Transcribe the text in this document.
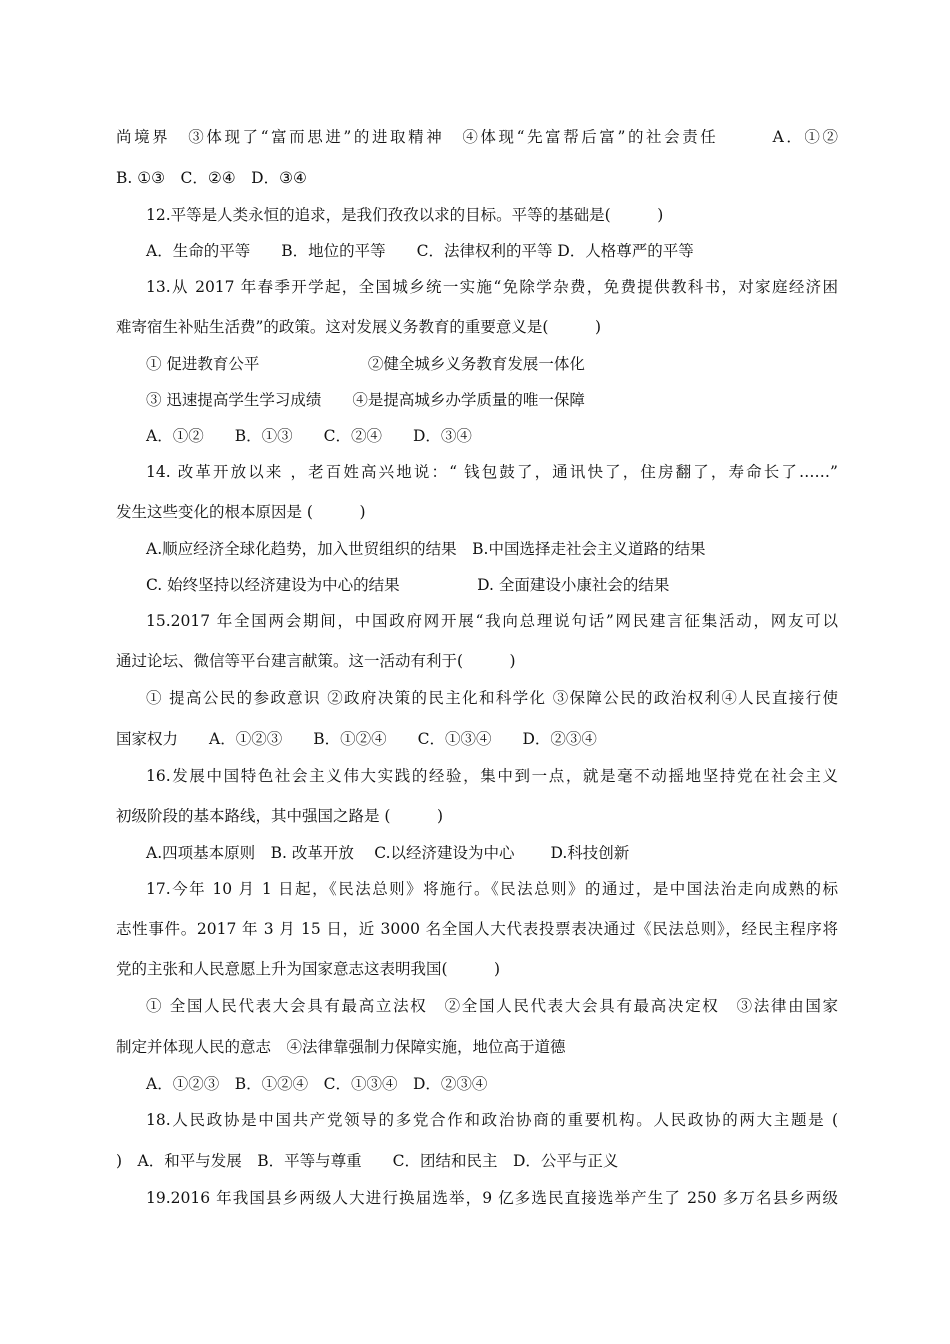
尚境界　③体现了“富而思进”的进取精神　④体现“先富帮后富”的社会责任　　　A．①②
B. ①③　C．②④　D．③④
12.平等是人类永恒的追求，是我们孜孜以求的目标。平等的基础是(　　　)
A．生命的平等　　B．地位的平等　　C．法律权利的平等 D．人格尊严的平等
13.从 2017 年春季开学起，全国城乡统一实施“免除学杂费，免费提供教科书，对家庭经济困
难寄宿生补贴生活费”的政策。这对发展义务教育的重要意义是(　　　)
① 促进教育公平　　　　　　　②健全城乡义务教育发展一体化
③ 迅速提高学生学习成绩　　④是提高城乡办学质量的唯一保障
A．①②　　B．①③　　C．②④　　D．③④
14. 改革开放以来 ，老百姓高兴地说：“ 钱包鼓了，通讯快了，住房翻了，寿命长了……”
发生这些变化的根本原因是 (　　　)
A.顺应经济全球化趋势，加入世贸组织的结果　B.中国选择走社会主义道路的结果
C. 始终坚持以经济建设为中心的结果　　　　　D. 全面建设小康社会的结果
15.2017 年全国两会期间，中国政府网开展“我向总理说句话”网民建言征集活动，网友可以
通过论坛、微信等平台建言献策。这一活动有利于(　　　)
① 提高公民的参政意识 ②政府决策的民主化和科学化 ③保障公民的政治权利④人民直接行使
国家权力　　A．①②③　　B．①②④　　C．①③④　　D．②③④
16.发展中国特色社会主义伟大实践的经验，集中到一点，就是毫不动摇地坚持党在社会主义
初级阶段的基本路线，其中强国之路是 (　　　)
A.四项基本原则　B. 改革开放　 C.以经济建设为中心　　 D.科技创新
17.今年 10 月 1 日起，《民法总则》将施行。《民法总则》的通过，是中国法治走向成熟的标
志性事件。2017 年 3 月 15 日，近 3000 名全国人大代表投票表决通过《民法总则》，经民主程序将
党的主张和人民意愿上升为国家意志这表明我国(　　　)
① 全国人民代表大会具有最高立法权　②全国人民代表大会具有最高决定权　③法律由国家
制定并体现人民的意志　④法律靠强制力保障实施，地位高于道德
A．①②③　B．①②④　C．①③④　D．②③④
18.人民政协是中国共产党领导的多党合作和政治协商的重要机构。人民政协的两大主题是 (
)　A．和平与发展　B．平等与尊重　　C．团结和民主　D．公平与正义
19.2016 年我国县乡两级人大进行换届选举，9 亿多选民直接选举产生了 250 多万名县乡两级
